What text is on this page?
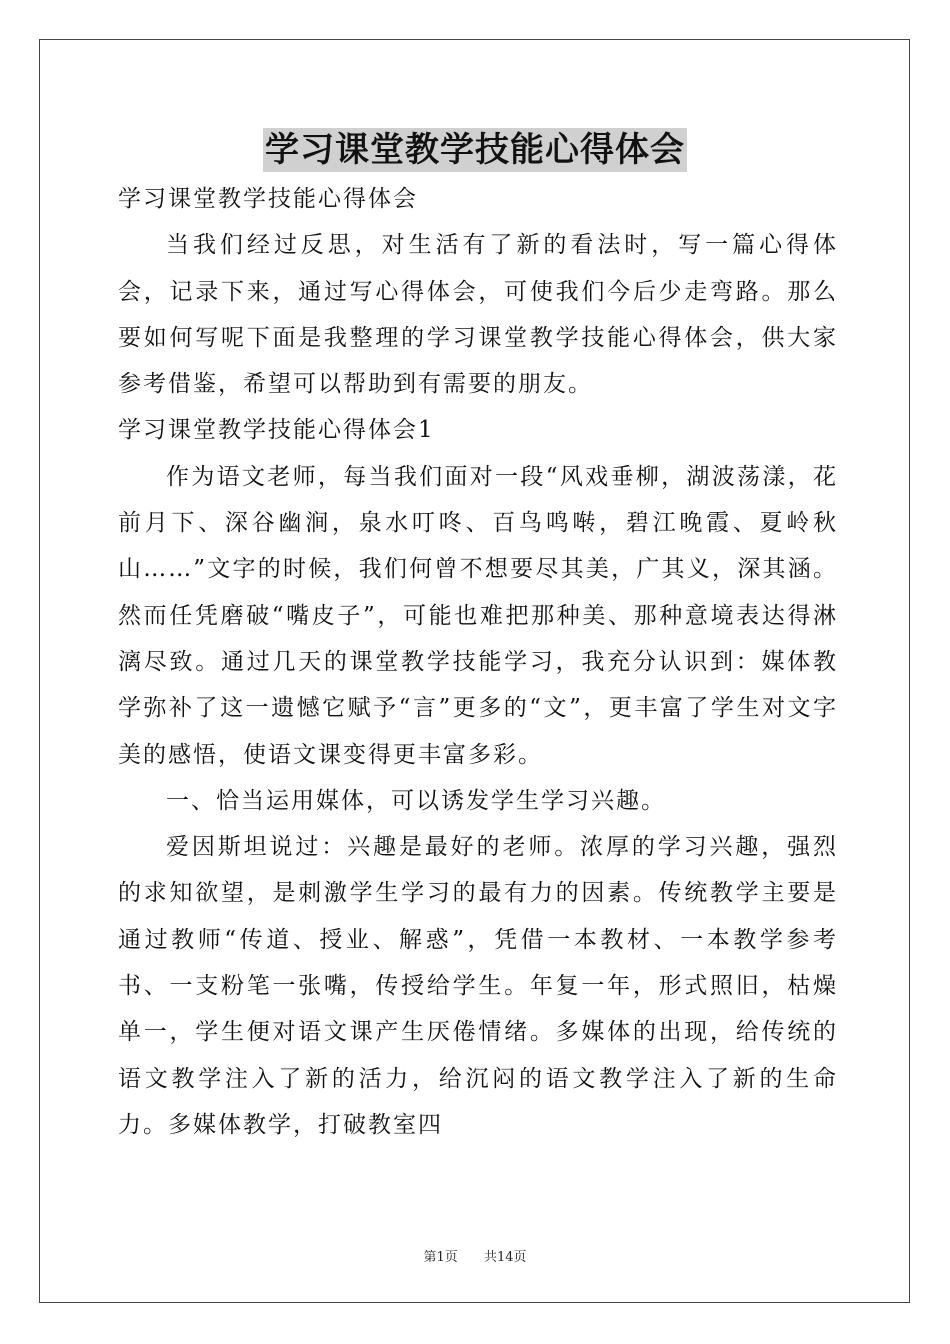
学习课堂教学技能心得体会

学习课堂教学技能心得体会

当我们经过反思，对生活有了新的看法时，写一篇心得体会，记录下来，通过写心得体会，可使我们今后少走弯路。那么要如何写呢下面是我整理的学习课堂教学技能心得体会，供大家参考借鉴，希望可以帮助到有需要的朋友。

学习课堂教学技能心得体会1

作为语文老师，每当我们面对一段“风戏垂柳，湖波荡漾，花前月下、深谷幽涧，泉水叮咚、百鸟鸣啭，碧江晚霞、夏岭秋山……”文字的时候，我们何曾不想要尽其美，广其义，深其涵。然而任凭磨破“嘴皮子”，可能也难把那种美、那种意境表达得淋漓尽致。通过几天的课堂教学技能学习，我充分认识到：媒体教学弥补了这一遗憾它赋予“言”更多的“文”，更丰富了学生对文字美的感悟，使语文课变得更丰富多彩。

一、恰当运用媒体，可以诱发学生学习兴趣。

爱因斯坦说过：兴趣是最好的老师。浓厚的学习兴趣，强烈的求知欲望，是刺激学生学习的最有力的因素。传统教学主要是通过教师“传道、授业、解惑”，凭借一本教材、一本教学参考书、一支粉笔一张嘴，传授给学生。年复一年，形式照旧，枯燥单一，学生便对语文课产生厌倦情绪。多媒体的出现，给传统的语文教学注入了新的活力，给沉闷的语文教学注入了新的生命力。多媒体教学，打破教室四

第1页 共14页
